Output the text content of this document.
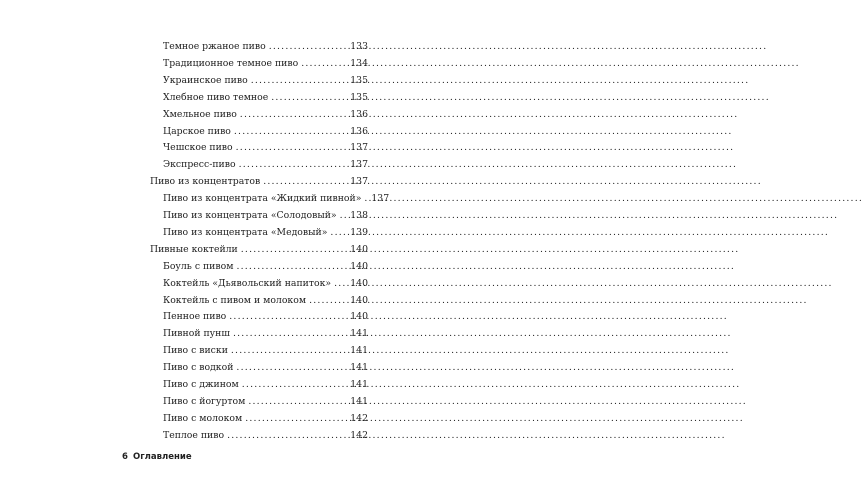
Темное ржаное пиво .....	133
Традиционное темное пиво .....	134
Украинское пиво .....	135
Хлебное пиво темное .....	135
Хмельное пиво .....	136
Царское пиво .....	136
Чешское пиво .....	137
Экспресс-пиво .....	137
Пиво из концентратов .....	137
Пиво из концентрата «Жидкий пивной» ..... 137
Пиво из концентрата «Солодовый» ..... 138
Пиво из концентрата «Медовый» ..... 139
Пивные коктейли .....	140
Боуль с пивом .....	140
Коктейль «Дьявольский напиток» ..... 140
Коктейль с пивом и молоком .....	140
Пенное пиво .....	140
Пивной пунш .....	141
Пиво с виски .....	141
Пиво с водкой .....	141
Пиво с джином .....	141
Пиво с йогуртом .....	141
Пиво с молоком .....	142
Теплое пиво .....	142
6 Оглавление
